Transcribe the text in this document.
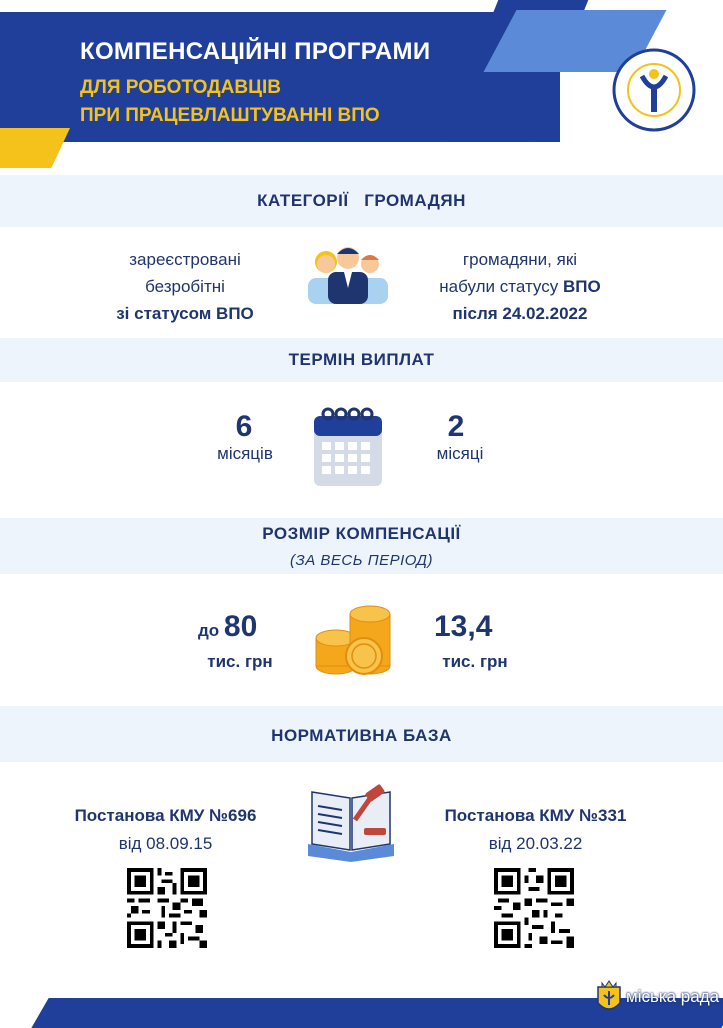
КОМПЕНСАЦІЙНІ ПРОГРАМИ
ДЛЯ РОБОТОДАВЦІВ
ПРИ ПРАЦЕВЛАШТУВАННІ ВПО
КАТЕГОРІЇ   ГРОМАДЯН
зареєстровані
безробітні
зі статусом ВПО
громадяни, які
набули статусу ВПО
після 24.02.2022
ТЕРМІН ВИПЛАТ
6
місяців
2
місяці
РОЗМІР КОМПЕНСАЦІЇ
(ЗА ВЕСЬ ПЕРІОД)
до 80
тис. грн
13,4
тис. грн
НОРМАТИВНА БАЗА
Постанова КМУ №696
від 08.09.15
Постанова КМУ №331
від 20.03.22
міська рада
